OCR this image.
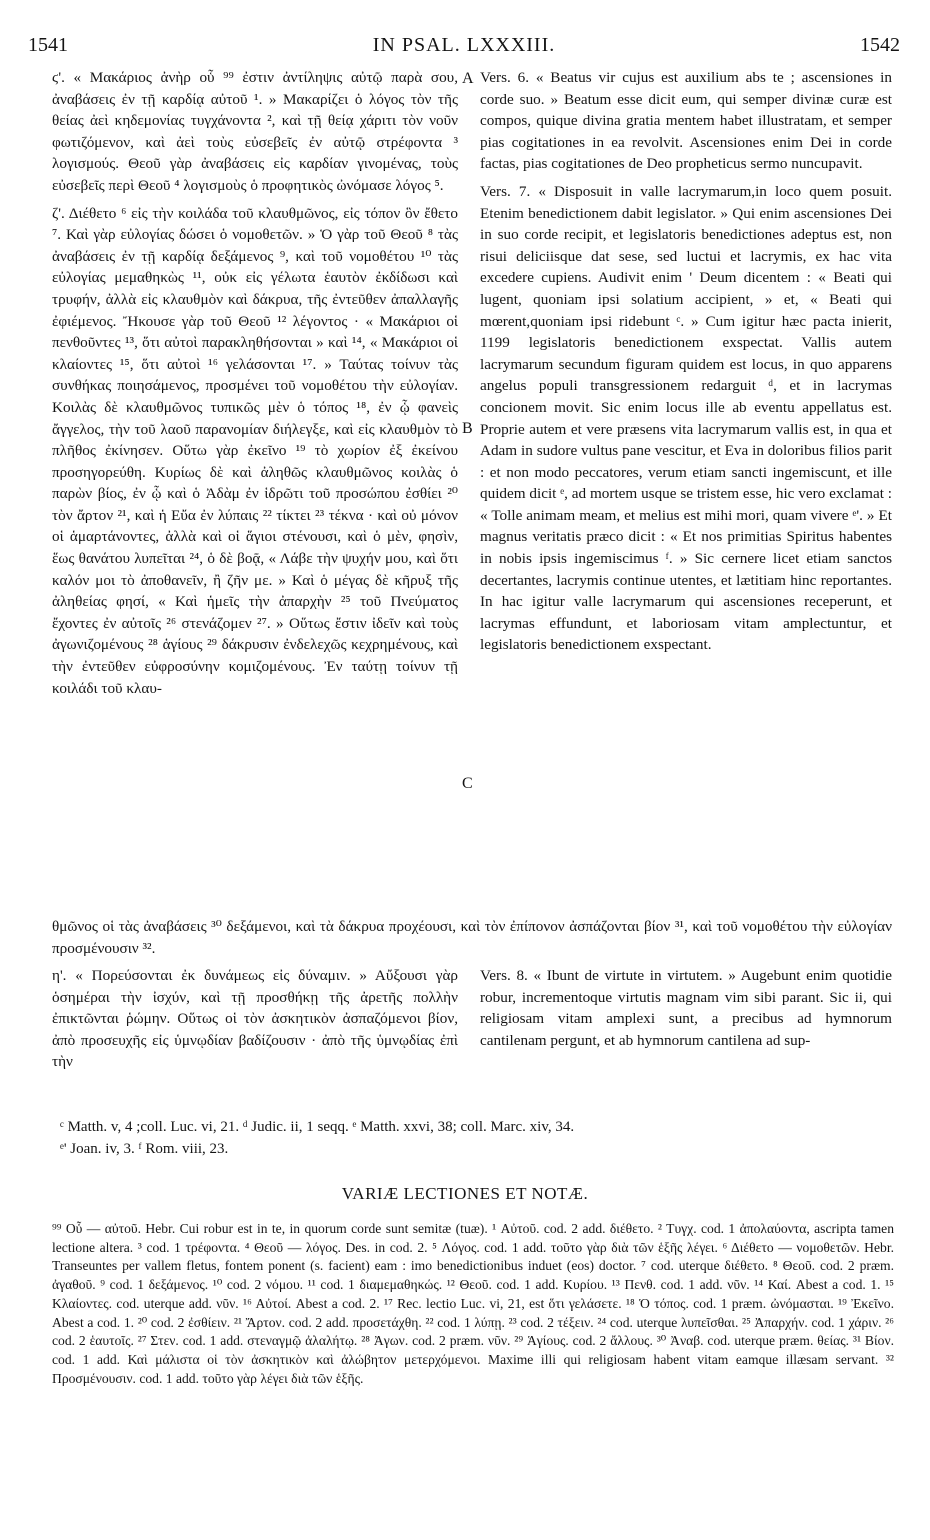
1541	IN PSAL. LXXXIII.	1542
A
B
C

ϛ'. « Μακάριος ἀνὴρ οὗ ⁹⁹ ἐστιν ἀντίληψις αὐτῷ παρὰ σου, ἀναβάσεις ἐν τῇ καρδίᾳ αὐτοῦ ¹. » Μακαρίζει ὁ λόγος τὸν τῆς θείας ἀεὶ κηδεμονίας τυγχάνοντα ², καὶ τῇ θείᾳ χάριτι τὸν νοῦν φωτιζόμενον, καὶ ἀεὶ τοὺς εὐσεβεῖς ἐν αὐτῷ στρέφοντα ³ λογισμούς. Θεοῦ γὰρ ἀναβάσεις εἰς καρδίαν γινομένας, τοὺς εὐσεβεῖς περὶ Θεοῦ ⁴ λογισμοὺς ὁ προφητικὸς ὠνόμασε λόγος ⁵.

ζ'. Διέθετο ⁶ εἰς τὴν κοιλάδα τοῦ κλαυθμῶνος, εἰς τόπον ὃν ἔθετο ⁷. Καὶ γὰρ εὐλογίας δώσει ὁ νομοθετῶν. » Ὁ γὰρ τοῦ Θεοῦ ⁸ τὰς ἀναβάσεις ἐν τῇ καρδίᾳ δεξάμενος ⁹, καὶ τοῦ νομοθέτου ¹⁰ τὰς εὐλογίας μεμαθηκὼς ¹¹, οὐκ εἰς γέλωτα ἑαυτὸν ἐκδίδωσι καὶ τρυφήν, ἀλλὰ εἰς κλαυθμὸν καὶ δάκρυα, τῆς ἐντεῦθεν ἀπαλλαγῆς ἐφιέμενος. Ἤκουσε γὰρ τοῦ Θεοῦ ¹² λέγοντος · « Μακάριοι οἱ πενθοῦντες ¹³, ὅτι αὐτοὶ παρακληθήσονται » καὶ ¹⁴, « Μακάριοι οἱ κλαίοντες ¹⁵, ὅτι αὐτοὶ ¹⁶ γελάσονται ¹⁷. » Ταύτας τοίνυν τὰς συνθήκας ποιησάμενος, προσμένει τοῦ νομοθέτου τὴν εὐλογίαν. Κοιλὰς δὲ κλαυθμῶνος τυπικῶς μὲν ὁ τόπος ¹⁸, ἐν ᾧ φανεὶς ἄγγελος, τὴν τοῦ λαοῦ παρανομίαν διήλεγξε, καὶ εἰς κλαυθμὸν τὸ πλῆθος ἐκίνησεν. Οὕτω γὰρ ἐκεῖνο ¹⁹ τὸ χωρίον ἐξ ἐκείνου προσηγορεύθη. Κυρίως δὲ καὶ ἀληθῶς κλαυθμῶνος κοιλὰς ὁ παρὼν βίος, ἐν ᾧ καὶ ὁ Ἀδὰμ ἐν ἱδρῶτι τοῦ προσώπου ἐσθίει ²⁰ τὸν ἄρτον ²¹, καὶ ἡ Εὔα ἐν λύπαις ²² τίκτει ²³ τέκνα · καὶ οὐ μόνον οἱ ἁμαρτάνοντες, ἀλλὰ καὶ οἱ ἅγιοι στένουσι, καὶ ὁ μὲν, φησὶν, ἕως θανάτου λυπεῖται ²⁴, ὁ δὲ βοᾷ, « Λάβε τὴν ψυχήν μου, καὶ ὅτι καλόν μοι τὸ ἀποθανεῖν, ἢ ζῆν με. » Καὶ ὁ μέγας δὲ κῆρυξ τῆς ἀληθείας φησί, « Καὶ ἡμεῖς τὴν ἀπαρχὴν ²⁵ τοῦ Πνεύματος ἔχοντες ἐν αὐτοῖς ²⁶ στενάζομεν ²⁷. » Οὕτως ἔστιν ἰδεῖν καὶ τοὺς ἀγωνιζομένους ²⁸ ἁγίους ²⁹ δάκρυσιν ἐνδελεχῶς κεχρημένους, καὶ τὴν ἐντεῦθεν εὐφροσύνην κομιζομένους. Ἐν ταύτῃ τοίνυν τῇ κοιλάδι τοῦ κλαυ-

Vers. 6. « Beatus vir cujus est auxilium abs te ; ascensiones in corde suo. » Beatum esse dicit eum, qui semper divinæ curæ est compos, quique divina gratia mentem habet illustratam, et semper pias cogitationes in ea revolvit. Ascensiones enim Dei in corde factas, pias cogitationes de Deo propheticus sermo nuncupavit.

Vers. 7. « Disposuit in valle lacrymarum,in loco quem posuit. Etenim benedictionem dabit legislator. » Qui enim ascensiones Dei in suo corde recipit, et legislatoris benedictiones adeptus est, non risui deliciisque dat sese, sed luctui et lacrymis, ex hac vita excedere cupiens. Audivit enim ' Deum dicentem : « Beati qui lugent, quoniam ipsi solatium accipient, » et, « Beati qui mœrent,quoniam ipsi ridebunt ᶜ. » Cum igitur hæc pacta inierit, 1199 legislatoris benedictionem exspectat. Vallis autem lacrymarum secundum figuram quidem est locus, in quo apparens angelus populi transgressionem redarguit ᵈ, et in lacrymas concionem movit. Sic enim locus ille ab eventu appellatus est. Proprie autem et vere præsens vita lacrymarum vallis est, in qua et Adam in sudore vultus pane vescitur, et Eva in doloribus filios parit : et non modo peccatores, verum etiam sancti ingemiscunt, et ille quidem dicit ᵉ, ad mortem usque se tristem esse, hic vero exclamat : « Tolle animam meam, et melius est mihi mori, quam vivere ᵉ'. » Et magnus veritatis præco dicit : « Et nos primitias Spiritus habentes in nobis ipsis ingemiscimus ᶠ. » Sic cernere licet etiam sanctos decertantes, lacrymis continue utentes, et lætitiam hinc reportantes. In hac igitur valle lacrymarum qui ascensiones receperunt, et lacrymas effundunt, et laboriosam vitam amplectuntur, et legislatoris benedictionem exspectant.

θμῶνος οἱ τὰς ἀναβάσεις ³⁰ δεξάμενοι, καὶ τὰ δάκρυα προχέουσι, καὶ τὸν ἐπίπονον ἀσπάζονται βίον ³¹, καὶ τοῦ νομοθέτου τὴν εὐλογίαν προσμένουσιν ³².

η'. « Πορεύσονται ἐκ δυνάμεως εἰς δύναμιν. » Αὔξουσι γὰρ ὁσημέραι τὴν ἰσχύν, καὶ τῇ προσθήκῃ τῆς ἀρετῆς πολλὴν ἐπικτῶνται ῥώμην. Οὕτως οἱ τὸν ἀσκητικὸν ἀσπαζόμενοι βίον, ἀπὸ προσευχῆς εἰς ὑμνῳδίαν βαδίζουσιν · ἀπὸ τῆς ὑμνῳδίας ἐπὶ τὴν

Vers. 8. « Ibunt de virtute in virtutem. » Augebunt enim quotidie robur, incrementoque virtutis magnam vim sibi parant. Sic ii, qui religiosam vitam amplexi sunt, a precibus ad hymnorum cantilenam pergunt, et ab hymnorum cantilena ad sup-

ᶜ Matth. v, 4 ;coll. Luc. vi, 21. ᵈ Judic. ii, 1 seqq. ᵉ Matth. xxvi, 38; coll. Marc. xiv, 34.
ᵉ' Joan. iv, 3. ᶠ Rom. viii, 23.
VARIÆ LECTIONES ET NOTÆ.
⁹⁹ Οὗ — αὐτοῦ. Hebr. Cui robur est in te, in quorum corde sunt semitæ (tuæ). ¹ Αὐτοῦ. cod. 2 add. διέθετο. ² Τυγχ. cod. 1 ἀπολαύοντα, ascripta tamen lectione altera. ³ cod. 1 τρέφοντα. ⁴ Θεοῦ — λόγος. Des. in cod. 2. ⁵ Λόγος. cod. 1 add. τοῦτο γὰρ διὰ τῶν ἑξῆς λέγει. ⁶ Διέθετο — νομοθετῶν. Hebr. Transeuntes per vallem fletus, fontem ponent (s. facient) eam : imo benedictionibus induet (eos) doctor. ⁷ cod. uterque διέθετο. ⁸ Θεοῦ. cod. 2 præm. ἀγαθοῦ. ⁹ cod. 1 δεξάμενος. ¹⁰ cod. 2 νόμου. ¹¹ cod. 1 διαμεμαθηκώς. ¹² Θεοῦ. cod. 1 add. Κυρίου. ¹³ Πενθ. cod. 1 add. νῦν. ¹⁴ Καί. Abest a cod. 1. ¹⁵ Κλαίοντες. cod. uterque add. νῦν. ¹⁶ Αὐτοί. Abest a cod. 2. ¹⁷ Rec. lectio Luc. vi, 21, est ὅτι γελάσετε. ¹⁸ Ὁ τόπος. cod. 1 præm. ὠνόμασται. ¹⁹ Ἐκεῖνο. Abest a cod. 1. ²⁰ cod. 2 ἐσθίειν. ²¹ Ἄρτον. cod. 2 add. προσετάχθη. ²² cod. 1 λύπῃ. ²³ cod. 2 τέξειν. ²⁴ cod. uterque λυπεῖσθαι. ²⁵ Ἀπαρχήν. cod. 1 χάριν. ²⁶ cod. 2 ἑαυτοῖς. ²⁷ Στεν. cod. 1 add. στεναγμῷ ἀλαλήτῳ. ²⁸ Ἀγων. cod. 2 præm. νῦν. ²⁹ Ἁγίους. cod. 2 ἄλλους. ³⁰ Ἀναβ. cod. uterque præm. θείας. ³¹ Βίον. cod. 1 add. Καὶ μάλιστα οἱ τὸν ἀσκητικὸν καὶ ἀλώβητον μετερχόμενοι. Maxime illi qui religiosam habent vitam eamque illæsam servant. ³² Προσμένουσιν. cod. 1 add. τοῦτο γὰρ λέγει διὰ τῶν ἑξῆς.
